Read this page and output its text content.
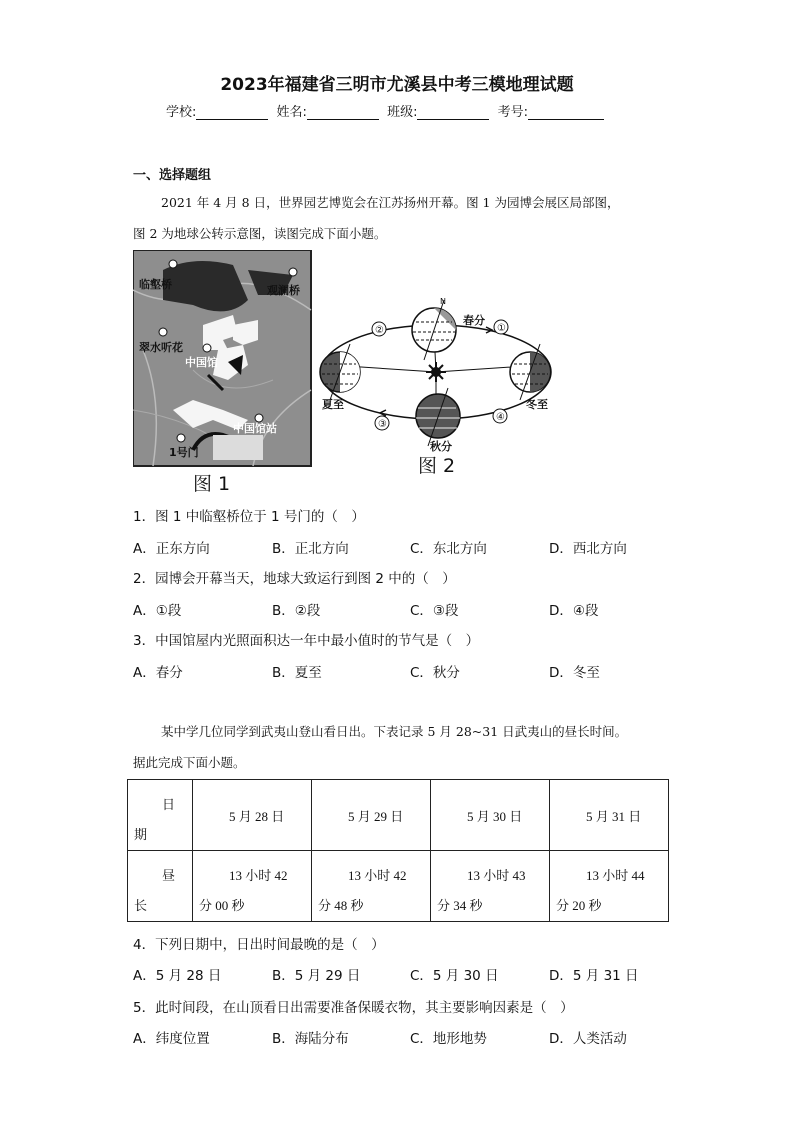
2023年福建省三明市尤溪县中考三模地理试题
学校:	姓名:	班级:	考号:
一、选择题组
2021 年 4 月 8 日，世界园艺博览会在江苏扬州开幕。图 1 为园博会展区局部图，
图 2 为地球公转示意图，读图完成下面小题。
临壑桥	观澜桥
翠水听花
中国馆
中国馆站
1号门
图 1
②	①
③
④
春分
夏至	冬至
秋分
N
图 2
1．图 1 中临壑桥位于 1 号门的（　）
A．正东方向	B．正北方向	C．东北方向	D．西北方向
2．园博会开幕当天，地球大致运行到图 2 中的（　）
A．①段	B．②段	C．③段	D．④段
3．中国馆屋内光照面积达一年中最小值时的节气是（　）
A．春分	B．夏至	C．秋分	D．冬至
某中学几位同学到武夷山登山看日出。下表记录 5 月 28~31 日武夷山的昼长时间。
据此完成下面小题。
日
期	5 月 28 日	5 月 29 日	5 月 30 日	5 月 31 日

昼
长	13 小时 42
分 00 秒	13 小时 42
分 48 秒	13 小时 43
分 34 秒	13 小时 44
分 20 秒
4．下列日期中，日出时间最晚的是（　）
A．5 月 28 日	B．5 月 29 日	C．5 月 30 日	D．5 月 31 日
5．此时间段，在山顶看日出需要准备保暖衣物，其主要影响因素是（　）
A．纬度位置	B．海陆分布	C．地形地势	D．人类活动
